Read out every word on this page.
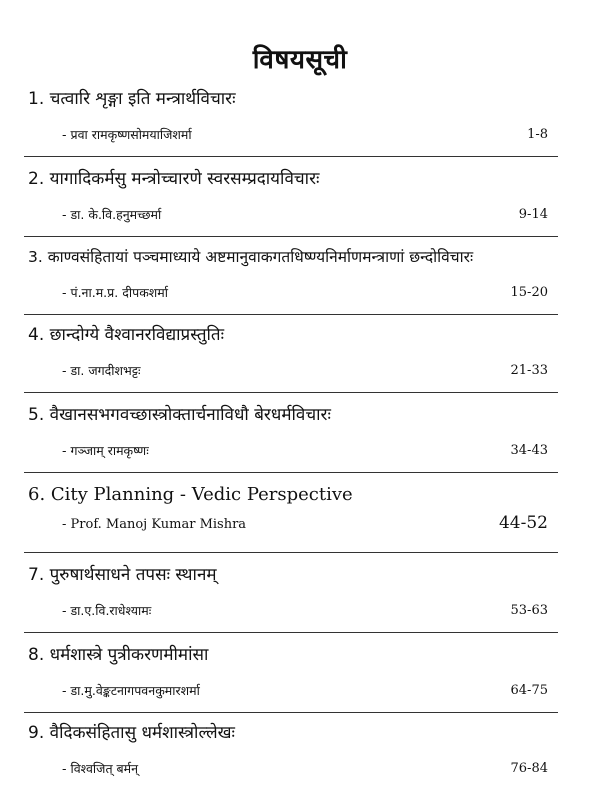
विषयसूची
1. चत्वारि शृङ्गा इति मन्त्रार्थविचारः
- प्रवा रामकृष्णसोमयाजिशर्मा	1-8
2. यागादिकर्मसु मन्त्रोच्चारणे स्वरसम्प्रदायविचारः
- डा. के.वि.हनुमच्छर्मा	9-14
3. काण्वसंहितायां पञ्चमाध्याये अष्टमानुवाकगतधिष्ण्यनिर्माणमन्त्राणां छन्दोविचारः
- पं.ना.म.प्र. दीपकशर्मा	15-20
4. छान्दोग्ये वैश्वानरविद्याप्रस्तुतिः
- डा. जगदीशभट्टः	21-33
5. वैखानसभगवच्छास्त्रोक्तार्चनाविधौ बेरधर्मविचारः
- गञ्जाम् रामकृष्णः	34-43
6. City Planning - Vedic Perspective
- Prof. Manoj Kumar Mishra	44-52
7. पुरुषार्थसाधने तपसः स्थानम्
- डा.ए.वि.राधेश्यामः	53-63
8. धर्मशास्त्रे पुत्रीकरणमीमांसा
- डा.मु.वेङ्कटनागपवनकुमारशर्मा	64-75
9. वैदिकसंहितासु धर्मशास्त्रोल्लेखः
- विश्वजित् बर्मन्	76-84
